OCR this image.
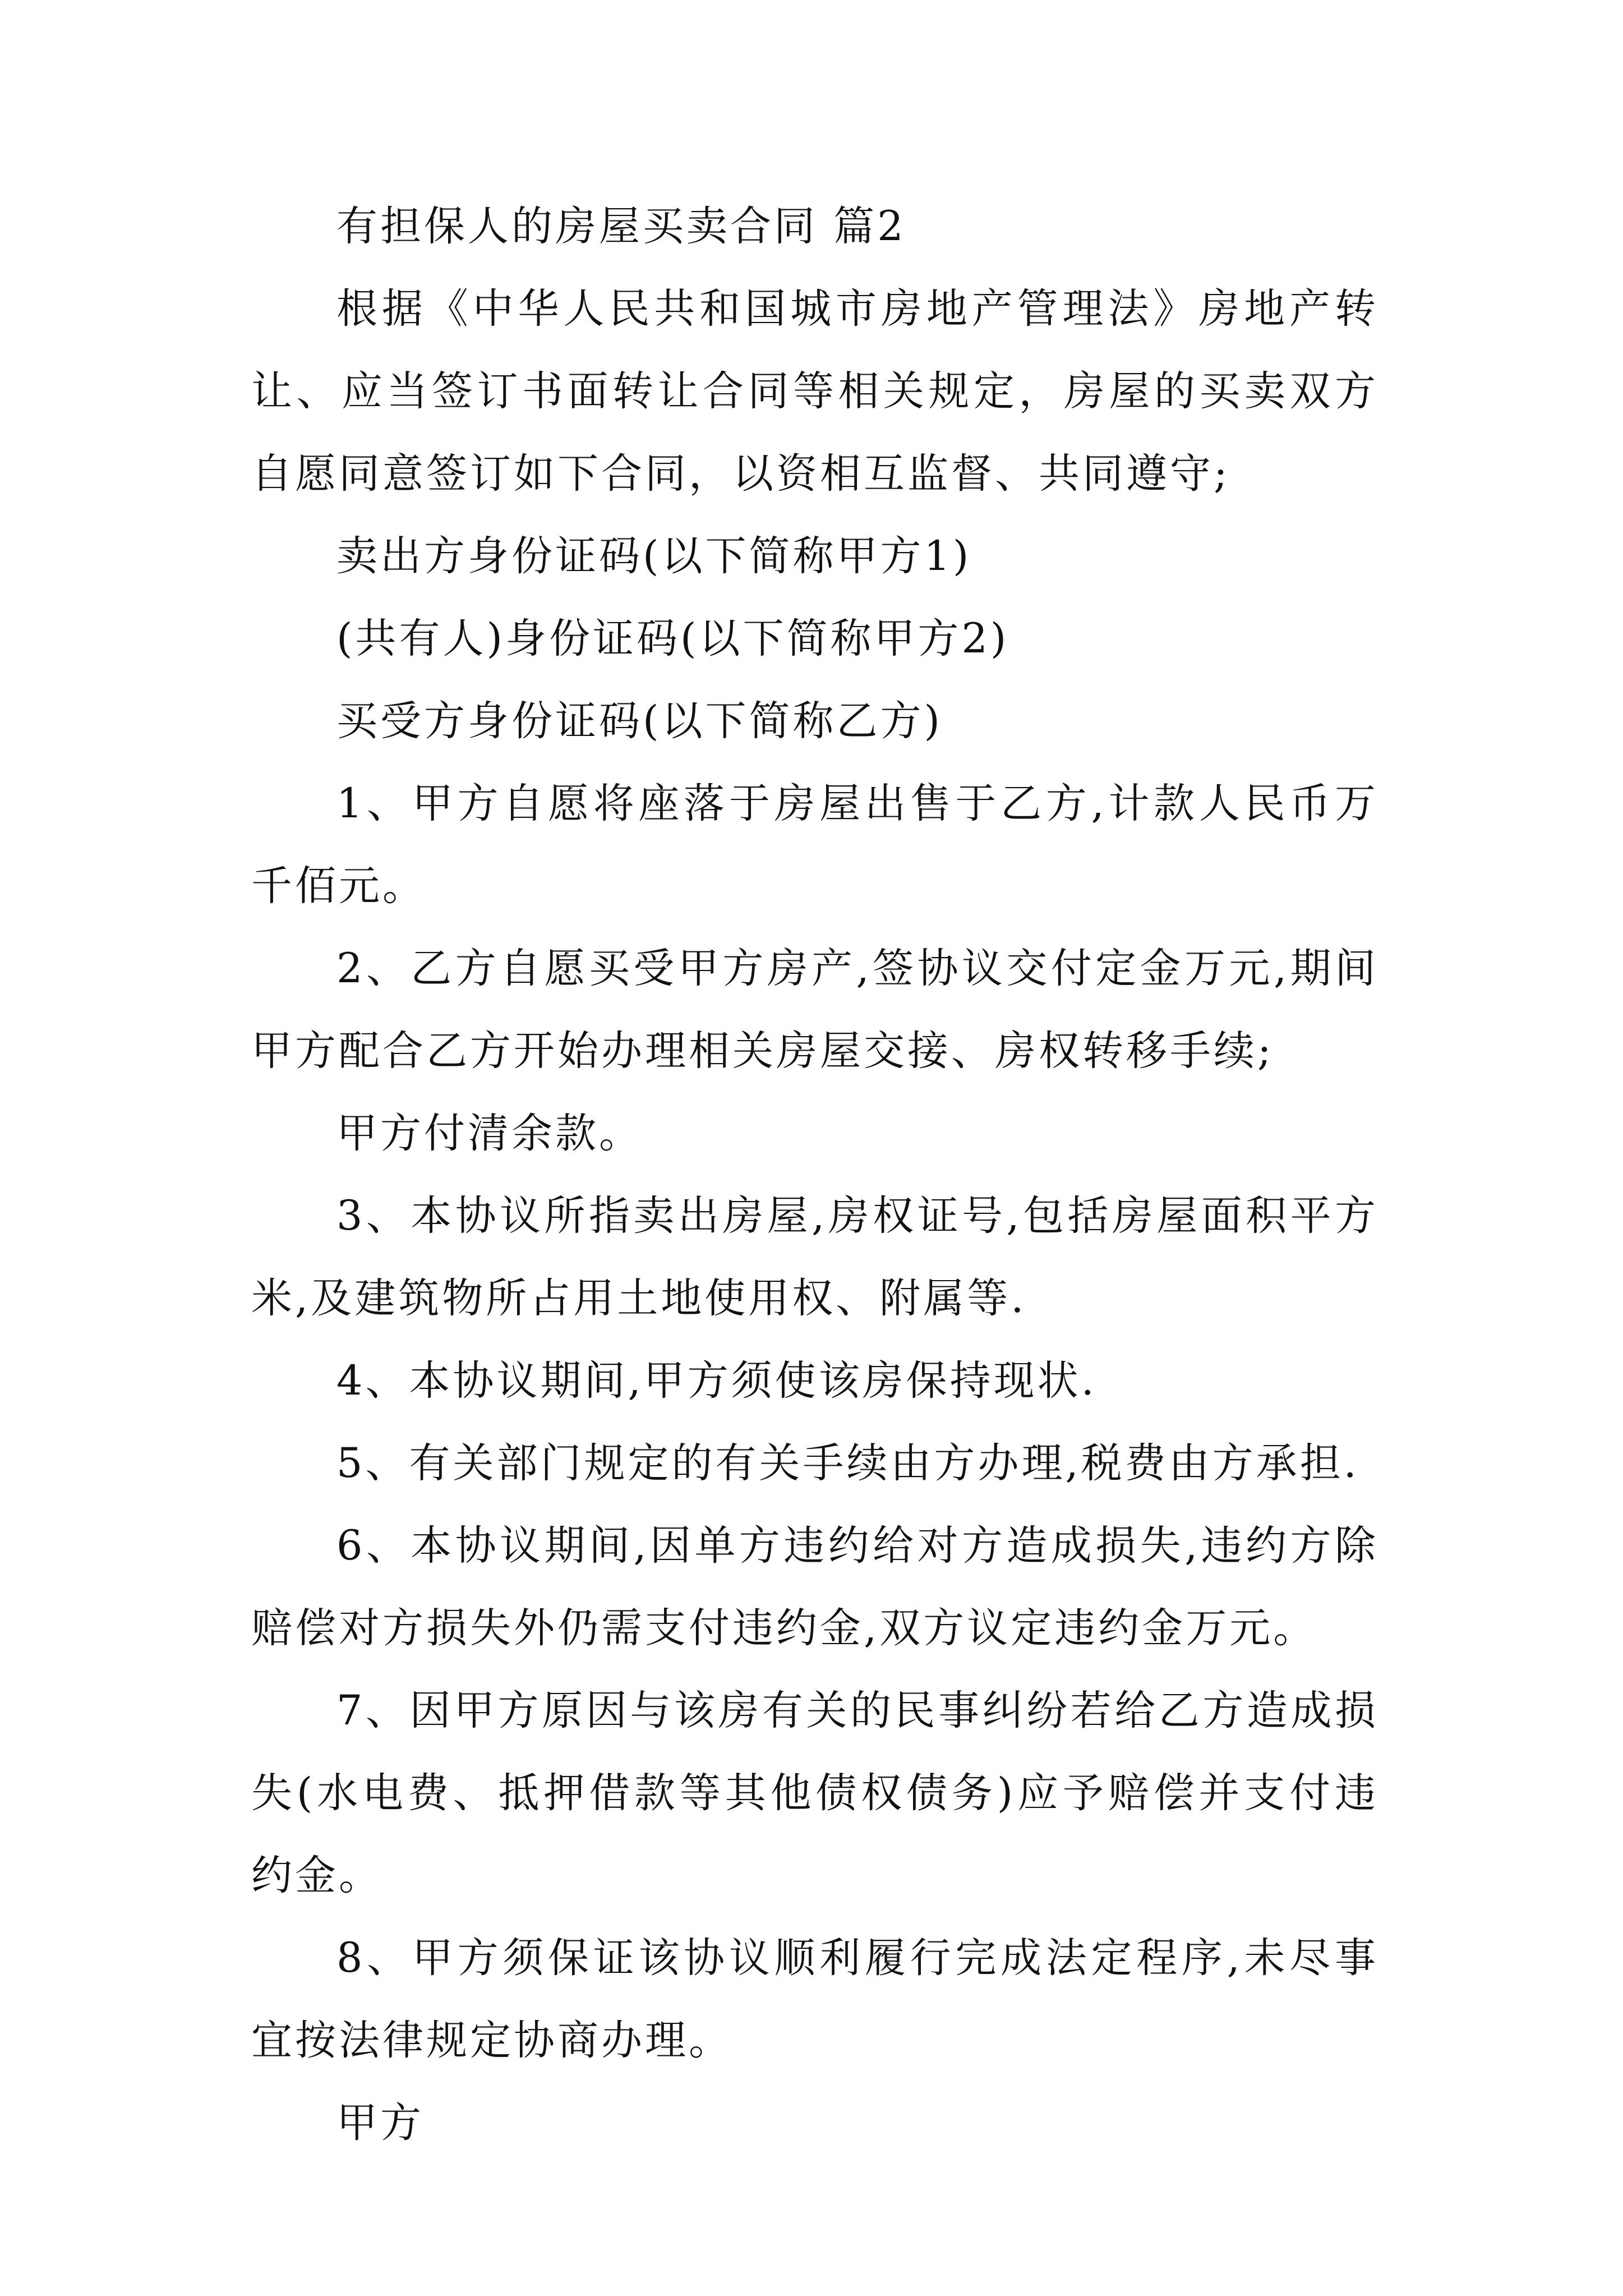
有担保人的房屋买卖合同 篇2

根据《中华人民共和国城市房地产管理法》房地产转让、应当签订书面转让合同等相关规定，房屋的买卖双方自愿同意签订如下合同，以资相互监督、共同遵守;

卖出方身份证码(以下简称甲方1)

(共有人)身份证码(以下简称甲方2)

买受方身份证码(以下简称乙方)

1、甲方自愿将座落于房屋出售于乙方,计款人民币万千佰元。

2、乙方自愿买受甲方房产,签协议交付定金万元,期间甲方配合乙方开始办理相关房屋交接、房权转移手续;

甲方付清余款。

3、本协议所指卖出房屋,房权证号,包括房屋面积平方米,及建筑物所占用土地使用权、附属等.

4、本协议期间,甲方须使该房保持现状.

5、有关部门规定的有关手续由方办理,税费由方承担.

6、本协议期间,因单方违约给对方造成损失,违约方除赔偿对方损失外仍需支付违约金,双方议定违约金万元。

7、因甲方原因与该房有关的民事纠纷若给乙方造成损失(水电费、抵押借款等其他债权债务)应予赔偿并支付违约金。

8、甲方须保证该协议顺利履行完成法定程序,未尽事宜按法律规定协商办理。

甲方
